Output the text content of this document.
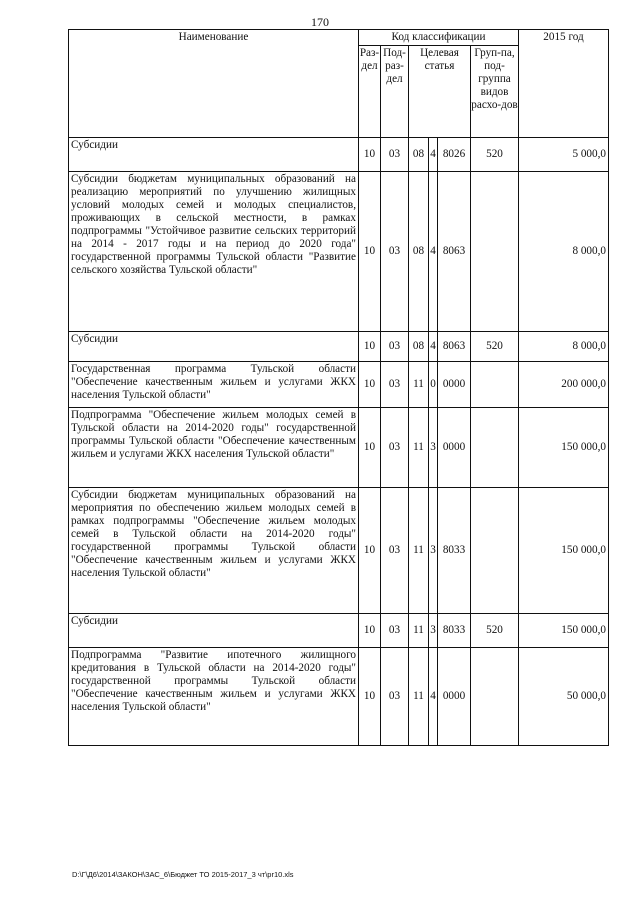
170
Наименование	Код классификации						2015 год
	Раз-дел	Под-раз-дел	Целевая статья			Груп-па, под-группа видов расхо-дов	
Субсидии	10	03	08	4	8026	520	5 000,0
Субсидии бюджетам муниципальных образований на реализацию мероприятий по улучшению жилищных условий молодых семей и молодых специалистов, проживающих в сельской местности, в рамках подпрограммы "Устойчивое развитие сельских территорий на 2014 - 2017 годы и на период до 2020 года" государственной программы Тульской области "Развитие сельского хозяйства Тульской области"	10	03	08	4	8063		8 000,0
Субсидии	10	03	08	4	8063	520	8 000,0
Государственная программа Тульской области "Обеспечение качественным жильем и услугами ЖКХ населения Тульской области"	10	03	11	0	0000		200 000,0
Подпрограмма "Обеспечение жильем молодых семей в Тульской области на 2014-2020 годы" государственной программы Тульской области "Обеспечение качественным жильем и услугами ЖКХ населения Тульской области"	10	03	11	3	0000		150 000,0
Субсидии бюджетам муниципальных образований на мероприятия по обеспечению жильем молодых семей в рамках подпрограммы "Обеспечение жильем молодых семей в Тульской области на 2014-2020 годы" государственной программы Тульской области "Обеспечение качественным жильем и услугами ЖКХ населения Тульской области"	10	03	11	3	8033		150 000,0
Субсидии	10	03	11	3	8033	520	150 000,0
Подпрограмма "Развитие ипотечного жилищного кредитования в Тульской области на 2014-2020 годы" государственной программы Тульской области "Обеспечение качественным жильем и услугами ЖКХ населения Тульской области"	10	03	11	4	0000		50 000,0
D:\Г\Д6\2014\ЗАКОН\ЗАС_6\Бюджет ТО 2015-2017_3 чт\pr10.xls
